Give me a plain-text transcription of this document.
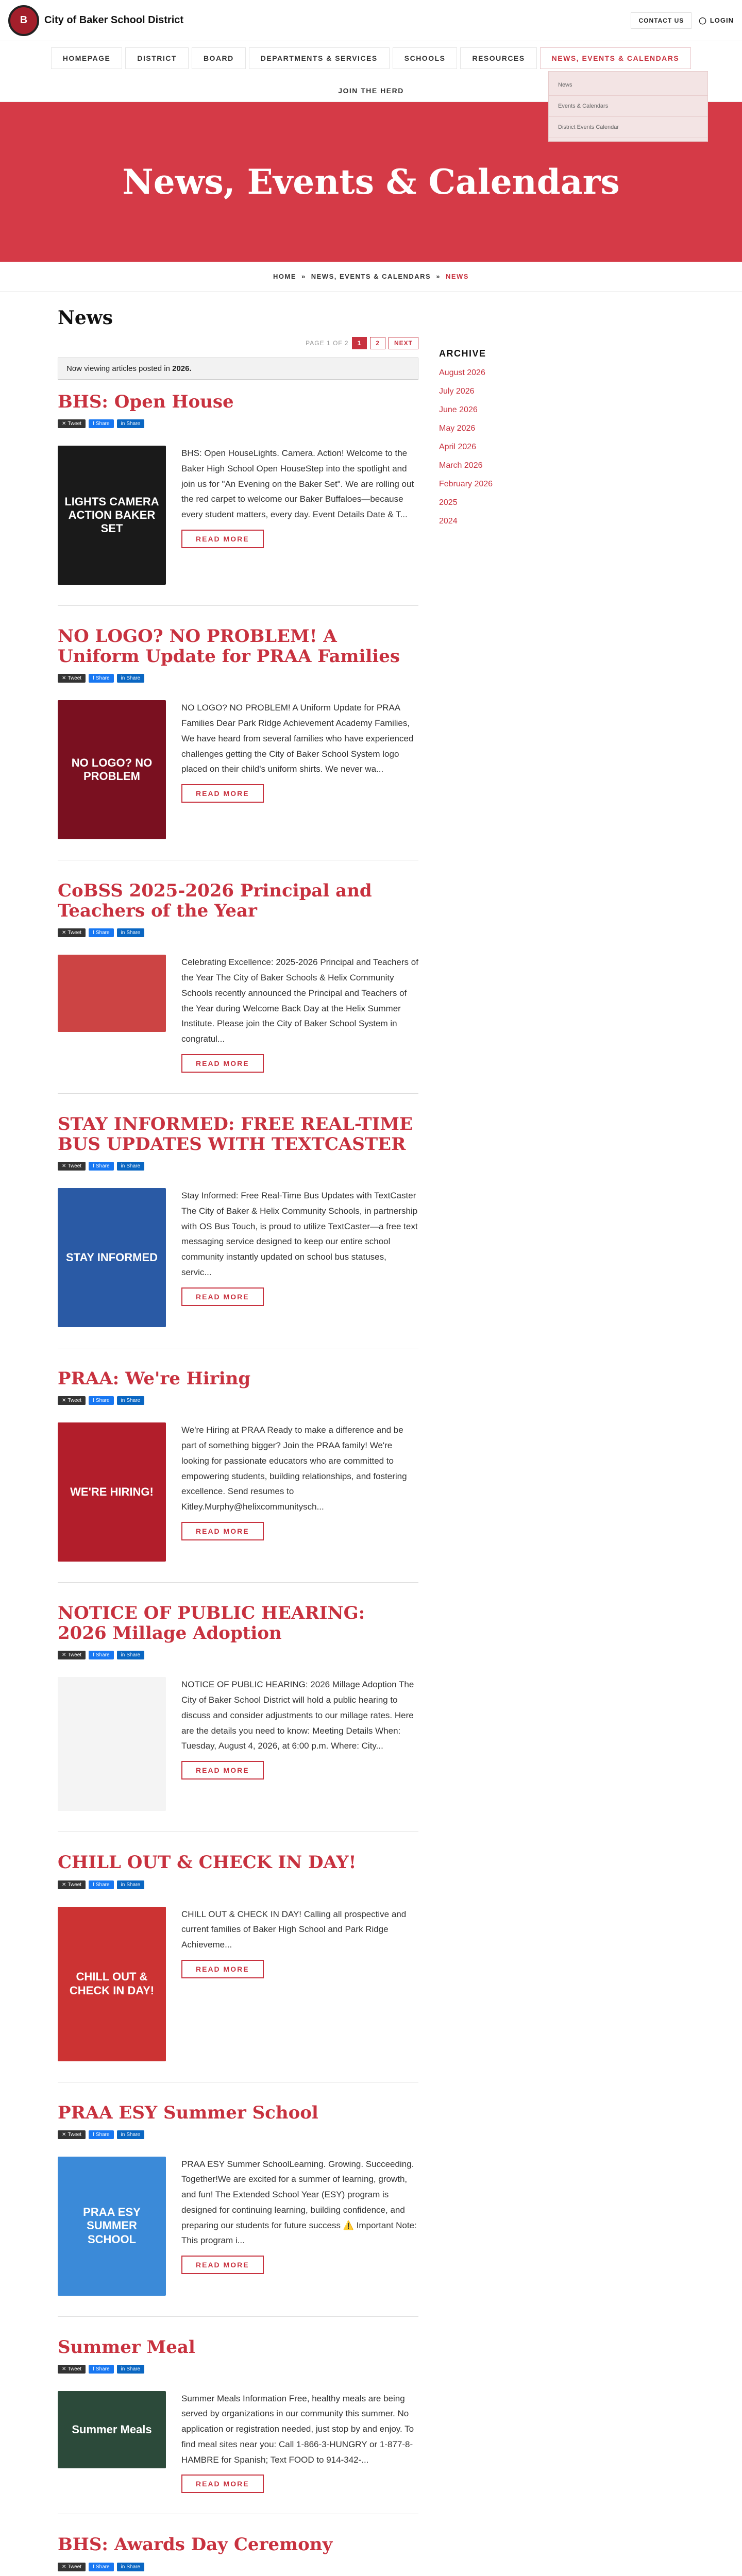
B	City of Baker School District	CONTACT US	◯ LOGIN
HOMEPAGE	DISTRICT	BOARD	DEPARTMENTS & SERVICES	SCHOOLS	RESOURCES	NEWS, EVENTS & CALENDARS
JOIN THE HERD
News
Events & Calendars
District Events Calendar
News, Events & Calendars
HOME » NEWS, EVENTS & CALENDARS » NEWS
News
PAGE 1 OF 2	1	2	NEXT
Now viewing articles posted in 2026.
BHS: Open House
✕ Tweet f Share in Share
LIGHTS CAMERA ACTION BAKER SET

BHS: Open HouseLights. Camera. Action! Welcome to the Baker High School Open HouseStep into the spotlight and join us for "An Evening on the Baker Set". We are rolling out the red carpet to welcome our Baker Buffaloes—because every student matters, every day. Event Details Date & T...

READ MORE
NO LOGO? NO PROBLEM! A Uniform Update for PRAA Families
✕ Tweet f Share in Share
NO LOGO? NO PROBLEM

NO LOGO? NO PROBLEM! A Uniform Update for PRAA Families Dear Park Ridge Achievement Academy Families, We have heard from several families who have experienced challenges getting the City of Baker School System logo placed on their child's uniform shirts. We never wa...

READ MORE
CoBSS 2025-2026 Principal and Teachers of the Year
✕ Tweet f Share in Share

Celebrating Excellence: 2025-2026 Principal and Teachers of the Year The City of Baker Schools & Helix Community Schools recently announced the Principal and Teachers of the Year during Welcome Back Day at the Helix Summer Institute. Please join the City of Baker School System in congratul...

READ MORE
STAY INFORMED: FREE REAL-TIME BUS UPDATES WITH TEXTCASTER
✕ Tweet f Share in Share
STAY INFORMED

Stay Informed: Free Real-Time Bus Updates with TextCaster The City of Baker & Helix Community Schools, in partnership with OS Bus Touch, is proud to utilize TextCaster—a free text messaging service designed to keep our entire school community instantly updated on school bus statuses, servic...

READ MORE
PRAA: We're Hiring
✕ Tweet f Share in Share
WE'RE HIRING!

We're Hiring at PRAA Ready to make a difference and be part of something bigger? Join the PRAA family! We're looking for passionate educators who are committed to empowering students, building relationships, and fostering excellence. Send resumes to Kitley.Murphy@helixcommunitysch...

READ MORE
NOTICE OF PUBLIC HEARING: 2026 Millage Adoption
✕ Tweet f Share in Share

NOTICE OF PUBLIC HEARING: 2026 Millage Adoption The City of Baker School District will hold a public hearing to discuss and consider adjustments to our millage rates. Here are the details you need to know: Meeting Details When: Tuesday, August 4, 2026, at 6:00 p.m. Where: City...

READ MORE
CHILL OUT & CHECK IN DAY!
✕ Tweet f Share in Share
CHILL OUT & CHECK IN DAY!

CHILL OUT & CHECK IN DAY! Calling all prospective and current families of Baker High School and Park Ridge Achieveme...

READ MORE
PRAA ESY Summer School
✕ Tweet f Share in Share
PRAA ESY SUMMER SCHOOL

PRAA ESY Summer SchoolLearning. Growing. Succeeding. Together!We are excited for a summer of learning, growth, and fun! The Extended School Year (ESY) program is designed for continuing learning, building confidence, and preparing our students for future success ⚠️ Important Note: This program i...

READ MORE
Summer Meal
✕ Tweet f Share in Share
Summer Meals

Summer Meals Information Free, healthy meals are being served by organizations in our community this summer. No application or registration needed, just stop by and enjoy. To find meal sites near you: Call 1-866-3-HUNGRY or 1-877-8-HAMBRE for Spanish; Text FOOD to 914-342-...

READ MORE
BHS: Awards Day Ceremony
✕ Tweet f Share in Share

ARCHIVE
August 2026
July 2026
June 2026
May 2026
April 2026
March 2026
February 2026
2025
2024
